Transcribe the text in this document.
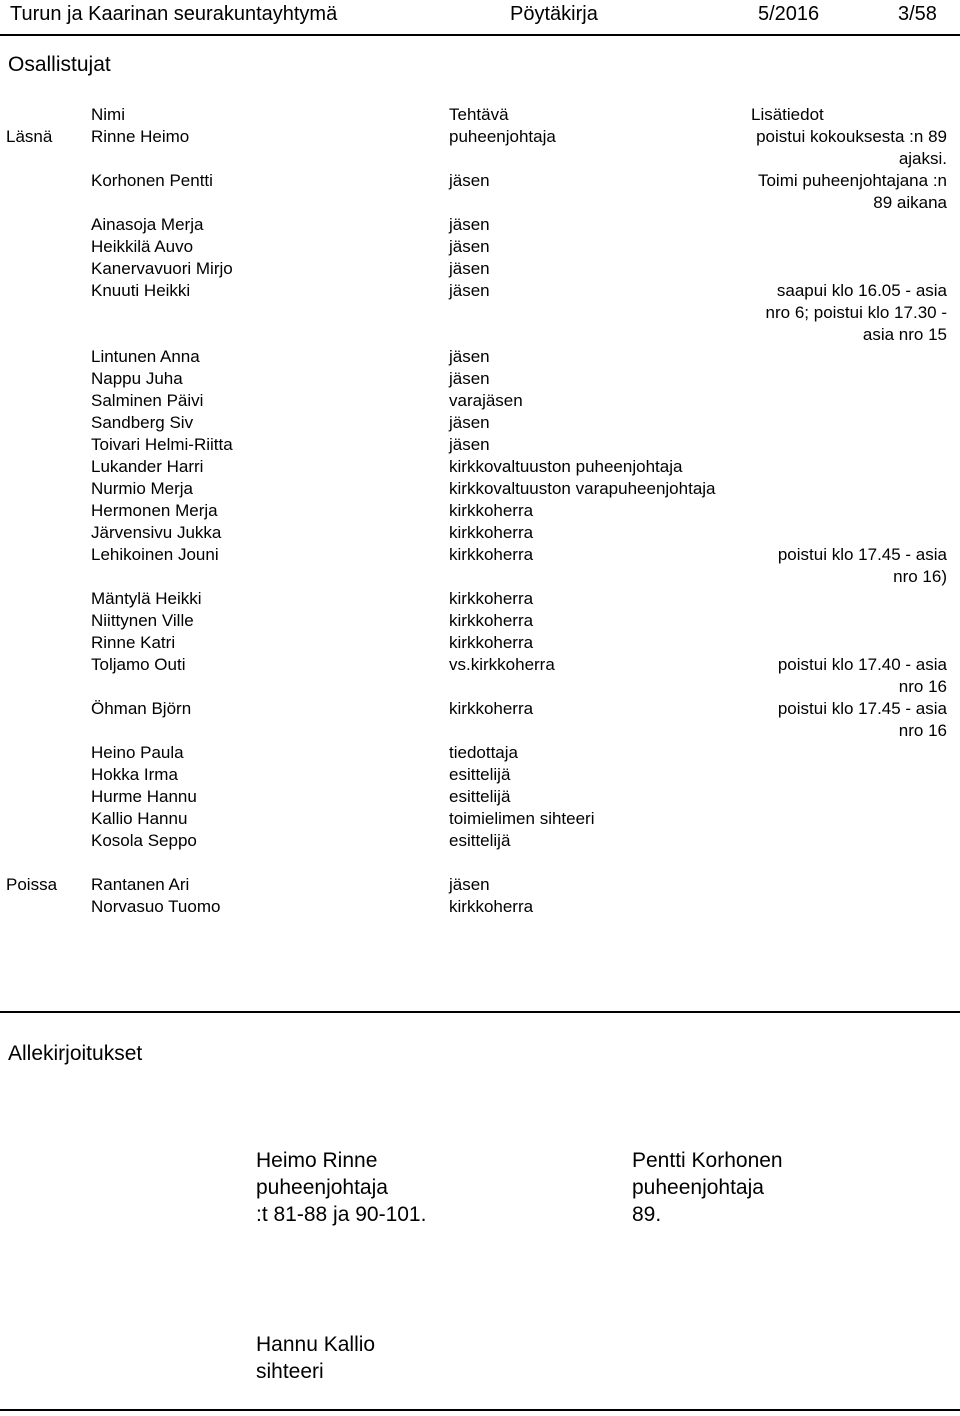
Turun ja Kaarinan seurakuntayhtymä	Pöytäkirja	5/2016	3/58
Osallistujat
	Nimi	Tehtävä	Lisätiedot
Läsnä	Rinne Heimo	puheenjohtaja	poistui kokouksesta :n 89 ajaksi.

	Korhonen Pentti	jäsen	Toimi puheenjohtajana :n 89 aikana

	Ainasoja Merja	jäsen	

	Heikkilä Auvo	jäsen	

	Kanervavuori Mirjo	jäsen	

	Knuuti Heikki	jäsen	saapui klo 16.05 - asia nro 6; poistui klo 17.30 - asia nro 15

	Lintunen Anna	jäsen	

	Nappu Juha	jäsen	

	Salminen Päivi	varajäsen	

	Sandberg Siv	jäsen	

	Toivari Helmi-Riitta	jäsen	

	Lukander Harri	kirkkovaltuuston puheenjohtaja	

	Nurmio Merja	kirkkovaltuuston varapuheenjohtaja	

	Hermonen Merja	kirkkoherra	

	Järvensivu Jukka	kirkkoherra	

	Lehikoinen Jouni	kirkkoherra	poistui klo 17.45 - asia nro 16)

	Mäntylä Heikki	kirkkoherra	

	Niittynen Ville	kirkkoherra	

	Rinne Katri	kirkkoherra	

	Toljamo Outi	vs.kirkkoherra	poistui klo 17.40 - asia nro 16

	Öhman Björn	kirkkoherra	poistui klo 17.45 - asia nro 16

	Heino Paula	tiedottaja	

	Hokka Irma	esittelijä	

	Hurme Hannu	esittelijä	

	Kallio Hannu	toimielimen sihteeri	

	Kosola Seppo	esittelijä	

Poissa	Rantanen Ari	jäsen	

	Norvasuo Tuomo	kirkkoherra	
Allekirjoitukset
Heimo Rinne
puheenjohtaja
:t 81-88 ja 90-101.
Pentti Korhonen
puheenjohtaja
89.
Hannu Kallio
sihteeri
